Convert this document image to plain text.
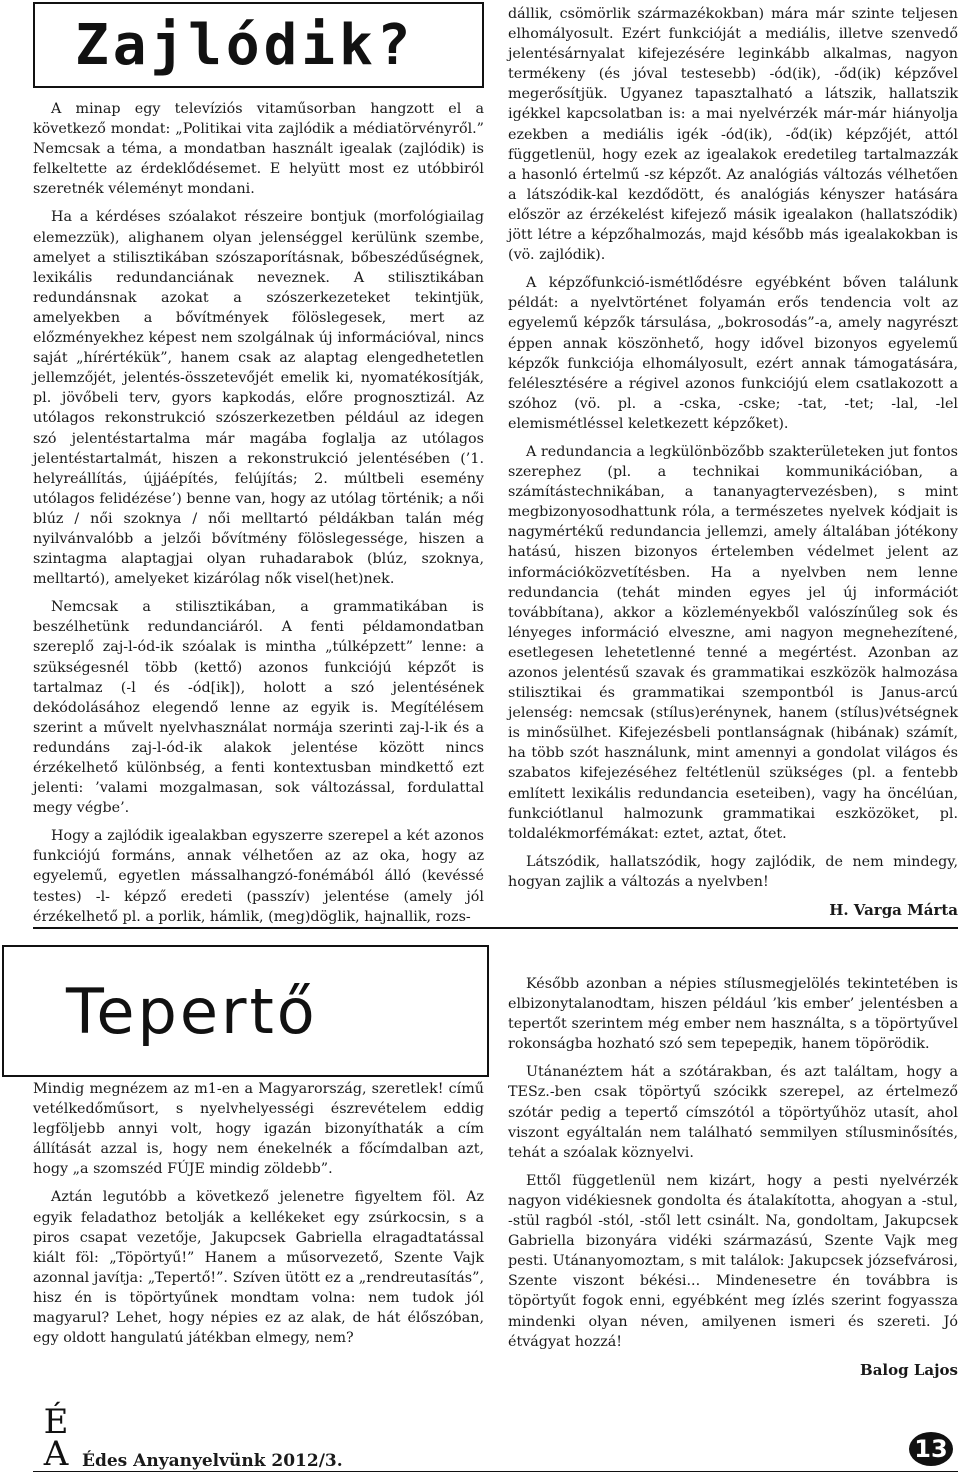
Zajlódik?

A minap egy televíziós vitaműsorban hangzott el a következő mondat: „Politikai vita zajlódik a médiatörvényről.” Nemcsak a téma, a mondatban használt igealak (zajlódik) is felkeltette az érdeklődésemet. E helyütt most ez utóbbiról szeretnék véleményt mondani.

Ha a kérdéses szóalakot részeire bontjuk (morfológiailag elemezzük), alighanem olyan jelenséggel kerülünk szembe, amelyet a stilisztikában szószaporításnak, bőbeszédűségnek, lexikális redundanciának neveznek. A stilisztikában redundánsnak azokat a szószerkezeteket tekintjük, amelyekben a bővítmények fölöslegesek, mert az előzményekhez képest nem szolgálnak új információval, nincs saját „hírértékük”, hanem csak az alaptag elengedhetetlen jellemzőjét, jelentés-összetevőjét emelik ki, nyomatékosítják, pl. jövőbeli terv, gyors kapkodás, előre prognosztizál. Az utólagos rekonstrukció szószerkezetben például az idegen szó jelentéstartalma már magába foglalja az utólagos jelentéstartalmát, hiszen a rekonstrukció jelentésében (’1. helyreállítás, újjáépítés, felújítás; 2. múltbeli esemény utólagos felidézése’) benne van, hogy az utólag történik; a női blúz / női szoknya / női melltartó példákban talán még nyilvánvalóbb a jelzői bővítmény fölöslegessége, hiszen a szintagma alaptagjai olyan ruhadarabok (blúz, szoknya, melltartó), amelyeket kizárólag nők visel(het)nek.

Nemcsak a stilisztikában, a grammatikában is beszélhetünk redundanciáról. A fenti példamondatban szereplő zaj-l-ód-ik szóalak is mintha „túlképzett” lenne: a szükségesnél több (kettő) azonos funkciójú képzőt is tartalmaz (-l és -ód[ik]), holott a szó jelentésének dekódolásához elegendő lenne az egyik is. Megítélésem szerint a művelt nyelvhasználat normája szerinti zaj-l-ik és a redundáns zaj-l-ód-ik alakok jelentése között nincs érzékelhető különbség, a fenti kontextusban mindkettő ezt jelenti: ’valami mozgalmasan, sok változással, fordulattal megy végbe’.

Hogy a zajlódik igealakban egyszerre szerepel a két azonos funkciójú formáns, annak vélhetően az az oka, hogy az egyelemű, egyetlen mássalhangzó-fonémából álló (kevéssé testes) -l- képző eredeti (passzív) jelentése (amely jól érzékelhető pl. a porlik, hámlik, (meg)döglik, hajnallik, rozs-

dállik, csömörlik származékokban) mára már szinte teljesen elhomályosult. Ezért funkcióját a mediális, illetve szenvedő jelentésárnyalat kifejezésére leginkább alkalmas, nagyon termékeny (és jóval testesebb) -ód(ik), -őd(ik) képzővel megerősítjük. Ugyanez tapasztalható a látszik, hallatszik igékkel kapcsolatban is: a mai nyelvérzék már-már hiányolja ezekben a mediális igék -ód(ik), -őd(ik) képzőjét, attól függetlenül, hogy ezek az igealakok eredetileg tartalmazzák a hasonló értelmű -sz képzőt. Az analógiás változás vélhetően a látszódik-kal kezdődött, és analógiás kényszer hatására először az érzékelést kifejező másik igealakon (hallatszódik) jött létre a képzőhalmozás, majd később más igealakokban is (vö. zajlódik).

A képzőfunkció-ismétlődésre egyébként bőven találunk példát: a nyelvtörténet folyamán erős tendencia volt az egyelemű képzők társulása, „bokrosodás”-a, amely nagyrészt éppen annak köszönhető, hogy idővel bizonyos egyelemű képzők funkciója elhomályosult, ezért annak támogatására, felélesztésére a régivel azonos funkciójú elem csatlakozott a szóhoz (vö. pl. a -cska, -cske; -tat, -tet; -lal, -lel elemismétléssel keletkezett képzőket).

A redundancia a legkülönbözőbb szakterületeken jut fontos szerephez (pl. a technikai kommunikációban, a számítástechnikában, a tananyagtervezésben), s mint megbizonyosodhattunk róla, a természetes nyelvek kódjait is nagymértékű redundancia jellemzi, amely általában jótékony hatású, hiszen bizonyos értelemben védelmet jelent az információközvetítésben. Ha a nyelvben nem lenne redundancia (tehát minden egyes jel új információt továbbítana), akkor a közleményekből valószínűleg sok és lényeges információ elveszne, ami nagyon megnehezítené, esetlegesen lehetetlenné tenné a megértést. Azonban az azonos jelentésű szavak és grammatikai eszközök halmozása stilisztikai és grammatikai szempontból is Janus-arcú jelenség: nemcsak (stílus)erénynek, hanem (stílus)vétségnek is minősülhet. Kifejezésbeli pontlanságnak (hibának) számít, ha több szót használunk, mint amennyi a gondolat világos és szabatos kifejezéséhez feltétlenül szükséges (pl. a fentebb említett lexikális redundancia eseteiben), vagy ha öncélúan, funkciótlanul halmozunk grammatikai eszközöket, pl. toldalékmorfémákat: eztet, aztat, őtet.

Látszódik, hallatszódik, hogy zajlódik, de nem mindegy, hogyan zajlik a változás a nyelvben!

H. Varga Márta

Tepertő

Mindig megnézem az m1-en a Magyarország, szeretlek! című vetélkedőműsort, s nyelvhelyességi észrevételem eddig legföljebb annyi volt, hogy igazán bizonyíthaták a cím állítását azzal is, hogy nem énekelnék a főcímdalban azt, hogy „a szomszéd FÚJE mindig zöldebb”.

Aztán legutóbb a következő jelenetre figyeltem föl. Az egyik feladathoz betolják a kellékeket egy zsúrkocsin, s a piros csapat vezetője, Jakupcsek Gabriella elragadtatással kiált föl: „Töpörtyű!” Hanem a műsorvezető, Szente Vajk azonnal javítja: „Tepertő!”. Szíven ütött ez a „rendreutasítás”, hisz én is töpörtyűnek mondtam volna: nem tudok jól magyarul? Lehet, hogy népies ez az alak, de hát élőszóban, egy oldott hangulatú játékban elmegy, nem?

Később azonban a népies stílusmegjelölés tekintetében is elbizonytalanodtam, hiszen például ’kis ember’ jelentésben a tepertőt szerintem még ember nem használta, s a töpörtyűvel rokonságba hozható szó sem tepeредik, hanem töpörödik.

Utánanéztem hát a szótárakban, és azt találtam, hogy a TESz.-ben csak töpörtyű szócikk szerepel, az értelmező szótár pedig a tepertő címszótól a töpörtyűhöz utasít, ahol viszont egyáltalán nem található semmilyen stílusminősítés, tehát a szóalak köznyelvi.

Ettől függetlenül nem kizárt, hogy a pesti nyelvérzék nagyon vidékiesnek gondolta és átalakította, ahogyan a -stul, -stül ragból -stól, -stől lett csinált. Na, gondoltam, Jakupcsek Gabriella bizonyára vidéki származású, Szente Vajk meg pesti. Utánanyomoztam, s mit találok: Jakupcsek józsefvárosi, Szente viszont békési... Mindenesetre én továbbra is töpörtyűt fogok enni, egyébként meg ízlés szerint fogyassza mindenki olyan néven, amilyenen ismeri és szereti. Jó étvágyat hozzá!

Balog Lajos

É
A Édes Anyanyelvünk 2012/3.	13
